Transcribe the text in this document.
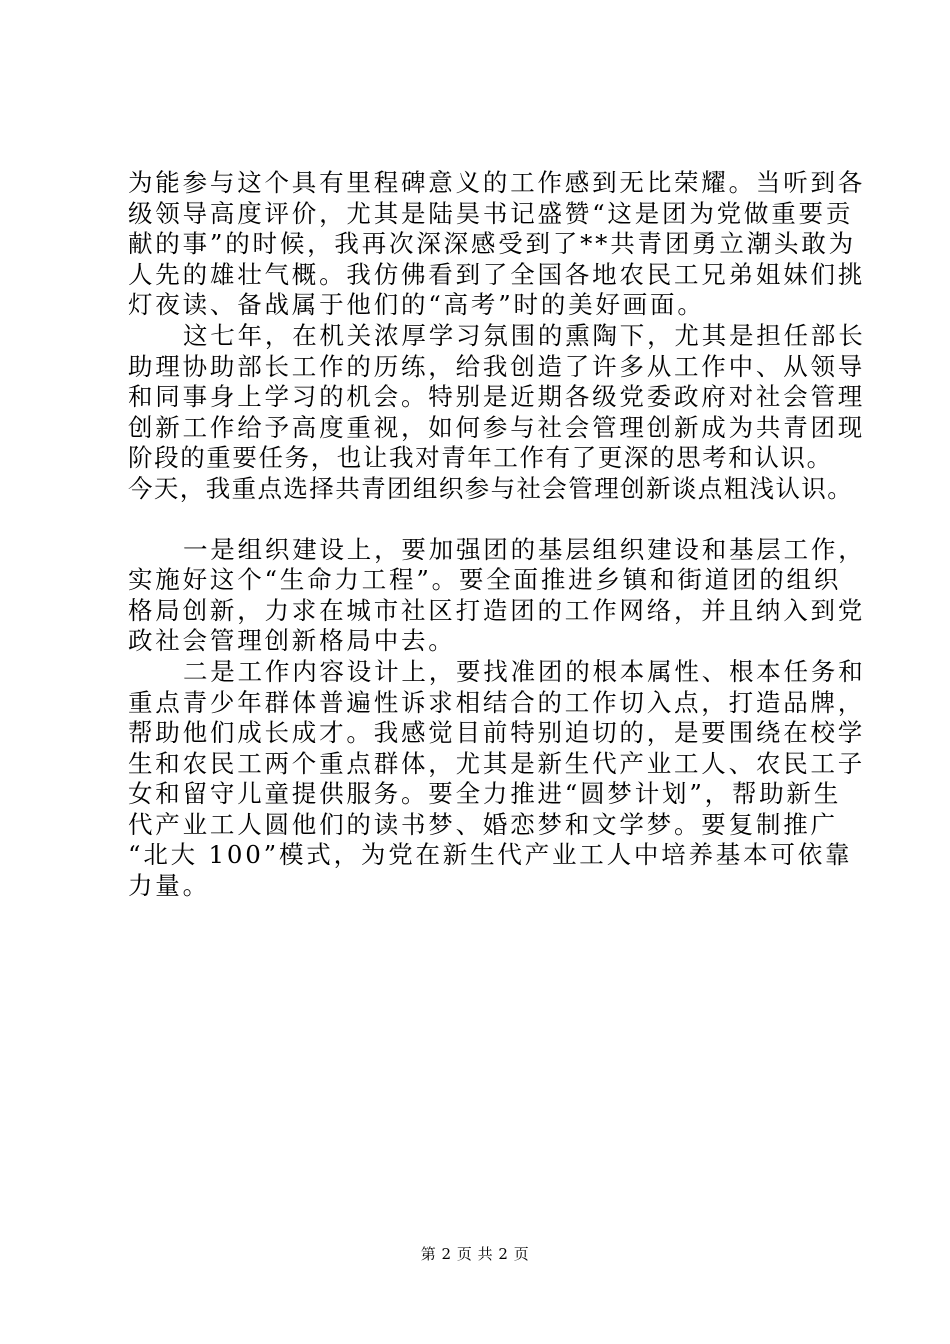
为能参与这个具有里程碑意义的工作感到无比荣耀。当听到各
级领导高度评价，尤其是陆昊书记盛赞“这是团为党做重要贡
献的事”的时候，我再次深深感受到了**共青团勇立潮头敢为
人先的雄壮气概。我仿佛看到了全国各地农民工兄弟姐妹们挑
灯夜读、备战属于他们的“高考”时的美好画面。
这七年，在机关浓厚学习氛围的熏陶下，尤其是担任部长
助理协助部长工作的历练，给我创造了许多从工作中、从领导
和同事身上学习的机会。特别是近期各级党委政府对社会管理
创新工作给予高度重视，如何参与社会管理创新成为共青团现
阶段的重要任务，也让我对青年工作有了更深的思考和认识。
今天，我重点选择共青团组织参与社会管理创新谈点粗浅认识。
一是组织建设上，要加强团的基层组织建设和基层工作，
实施好这个“生命力工程”。要全面推进乡镇和街道团的组织
格局创新，力求在城市社区打造团的工作网络，并且纳入到党
政社会管理创新格局中去。
二是工作内容设计上，要找准团的根本属性、根本任务和
重点青少年群体普遍性诉求相结合的工作切入点，打造品牌，
帮助他们成长成才。我感觉目前特别迫切的，是要围绕在校学
生和农民工两个重点群体，尤其是新生代产业工人、农民工子
女和留守儿童提供服务。要全力推进“圆梦计划”，帮助新生
代产业工人圆他们的读书梦、婚恋梦和文学梦。要复制推广
“北大 100”模式，为党在新生代产业工人中培养基本可依靠
力量。
第 2 页 共 2 页
